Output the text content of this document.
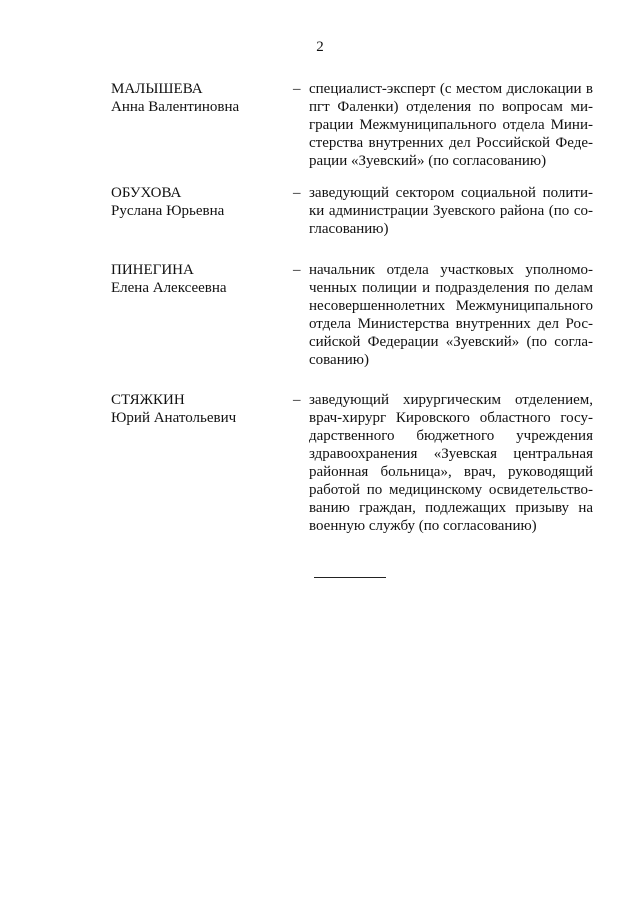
2
МАЛЫШЕВА
Анна Валентиновна
– специалист-эксперт (с местом дислокации в пгт Фаленки) отделения по вопросам миграции Межмуниципального отдела Министерства внутренних дел Российской Федерации «Зуевский» (по согласованию)
ОБУХОВА
Руслана Юрьевна
– заведующий сектором социальной политики администрации Зуевского района (по согласованию)
ПИНЕГИНА
Елена Алексеевна
– начальник отдела участковых уполномоченных полиции и подразделения по делам несовершеннолетних Межмуниципального отдела Министерства внутренних дел Российской Федерации «Зуевский» (по согласованию)
СТЯЖКИН
Юрий Анатольевич
– заведующий хирургическим отделением, врач-хирург Кировского областного государственного бюджетного учреждения здравоохранения «Зуевская центральная районная больница», врач, руководящий работой по медицинскому освидетельствованию граждан, подлежащих призыву на военную службу (по согласованию)
